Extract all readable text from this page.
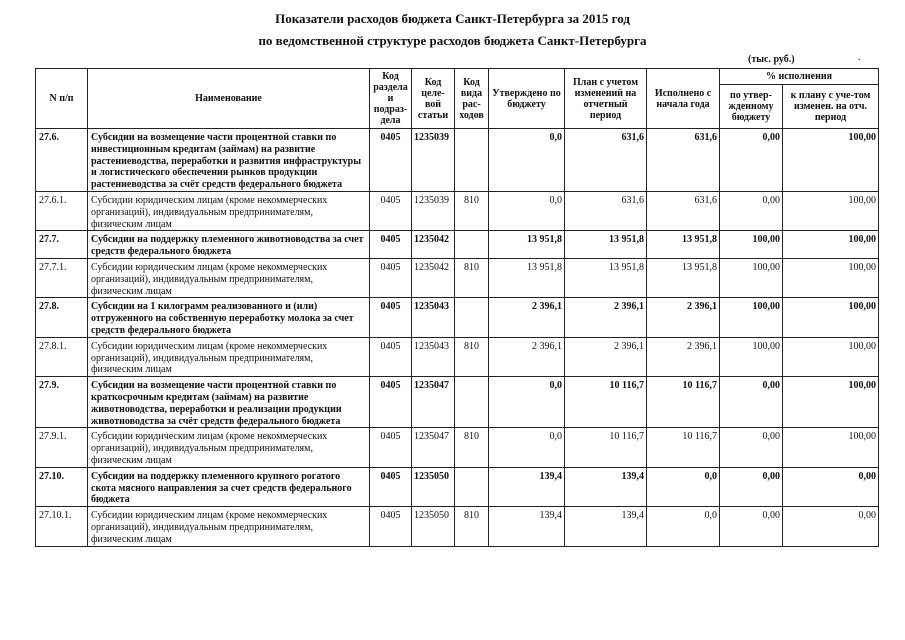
Показатели расходов бюджета Санкт-Петербурга за 2015 год
по ведомственной структуре расходов бюджета Санкт-Петербурга
(тыс. руб.)	.
N п/п	Наименование	Код раздела и подраз-дела	Код целе-вой статьи	Код вида рас-ходов	Утверждено по бюджету	План с учетом изменений на отчетный период	Исполнено с начала года	% исполнения	
								по утвер-жденному бюджету	к плану с уче-том изменен. на отч. период
27.6.	Субсидии на возмещение части процентной ставки по инвестиционным кредитам (займам) на развитие растениеводства, переработки и развития инфраструктуры и логистического обеспечения рынков продукции растениеводства за счёт средств федерального бюджета	0405	1235039		0,0	631,6	631,6	0,00	100,00
27.6.1.	Субсидии юридическим лицам (кроме некоммерческих организаций), индивидуальным предпринимателям, физическим лицам	0405	1235039	810	0,0	631,6	631,6	0,00	100,00
27.7.	Субсидии на поддержку племенного животноводства за счет средств федерального бюджета	0405	1235042		13 951,8	13 951,8	13 951,8	100,00	100,00
27.7.1.	Субсидии юридическим лицам (кроме некоммерческих организаций), индивидуальным предпринимателям, физическим лицам	0405	1235042	810	13 951,8	13 951,8	13 951,8	100,00	100,00
27.8.	Субсидии на 1 килограмм реализованного и (или) отгруженного на собственную переработку молока за счет средств федерального бюджета	0405	1235043		2 396,1	2 396,1	2 396,1	100,00	100,00
27.8.1.	Субсидии юридическим лицам (кроме некоммерческих организаций), индивидуальным предпринимателям, физическим лицам	0405	1235043	810	2 396,1	2 396,1	2 396,1	100,00	100,00
27.9.	Субсидии на возмещение части процентной ставки по краткосрочным кредитам (займам) на развитие животноводства, переработки и реализации продукции животноводства за счёт средств федерального бюджета	0405	1235047		0,0	10 116,7	10 116,7	0,00	100,00
27.9.1.	Субсидии юридическим лицам (кроме некоммерческих организаций), индивидуальным предпринимателям, физическим лицам	0405	1235047	810	0,0	10 116,7	10 116,7	0,00	100,00
27.10.	Субсидии на поддержку племенного крупного рогатого скота мясного направления за счет средств федерального бюджета	0405	1235050		139,4	139,4	0,0	0,00	0,00
27.10.1.	Субсидии юридическим лицам (кроме некоммерческих организаций), индивидуальным предпринимателям, физическим лицам	0405	1235050	810	139,4	139,4	0,0	0,00	0,00
